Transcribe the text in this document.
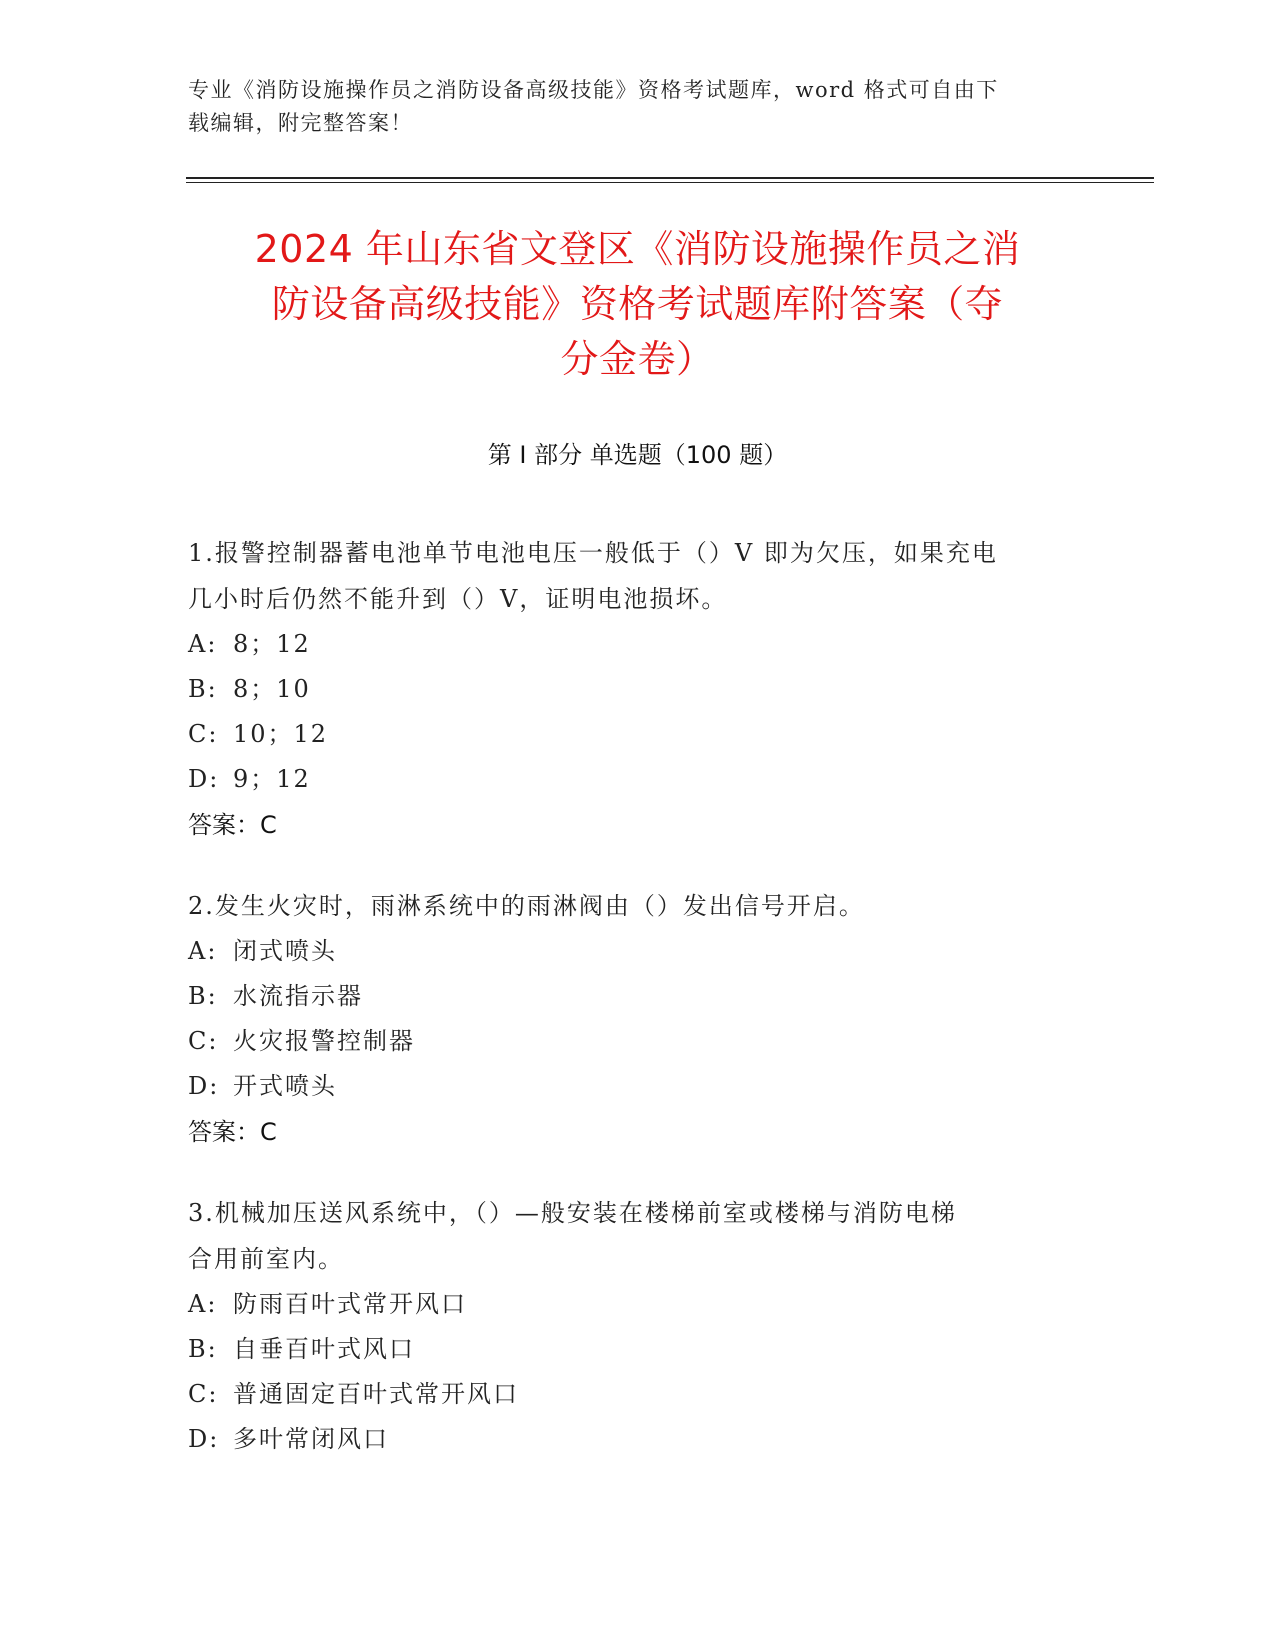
专业《消防设施操作员之消防设备高级技能》资格考试题库，word 格式可自由下
载编辑，附完整答案！
2024 年山东省文登区《消防设施操作员之消
防设备高级技能》资格考试题库附答案（夺
分金卷）
第 I 部分 单选题（100 题）

1.报警控制器蓄电池单节电池电压一般低于（）V 即为欠压，如果充电
几小时后仍然不能升到（）V，证明电池损坏。

A: 8；12
B: 8；10
C: 10；12
D: 9；12
答案：C

2.发生火灾时，雨淋系统中的雨淋阀由（）发出信号开启。

A: 闭式喷头
B: 水流指示器
C: 火灾报警控制器
D: 开式喷头
答案：C

3.机械加压送风系统中，（）—般安装在楼梯前室或楼梯与消防电梯
合用前室内。

A: 防雨百叶式常开风口
B: 自垂百叶式风口
C: 普通固定百叶式常开风口
D: 多叶常闭风口
